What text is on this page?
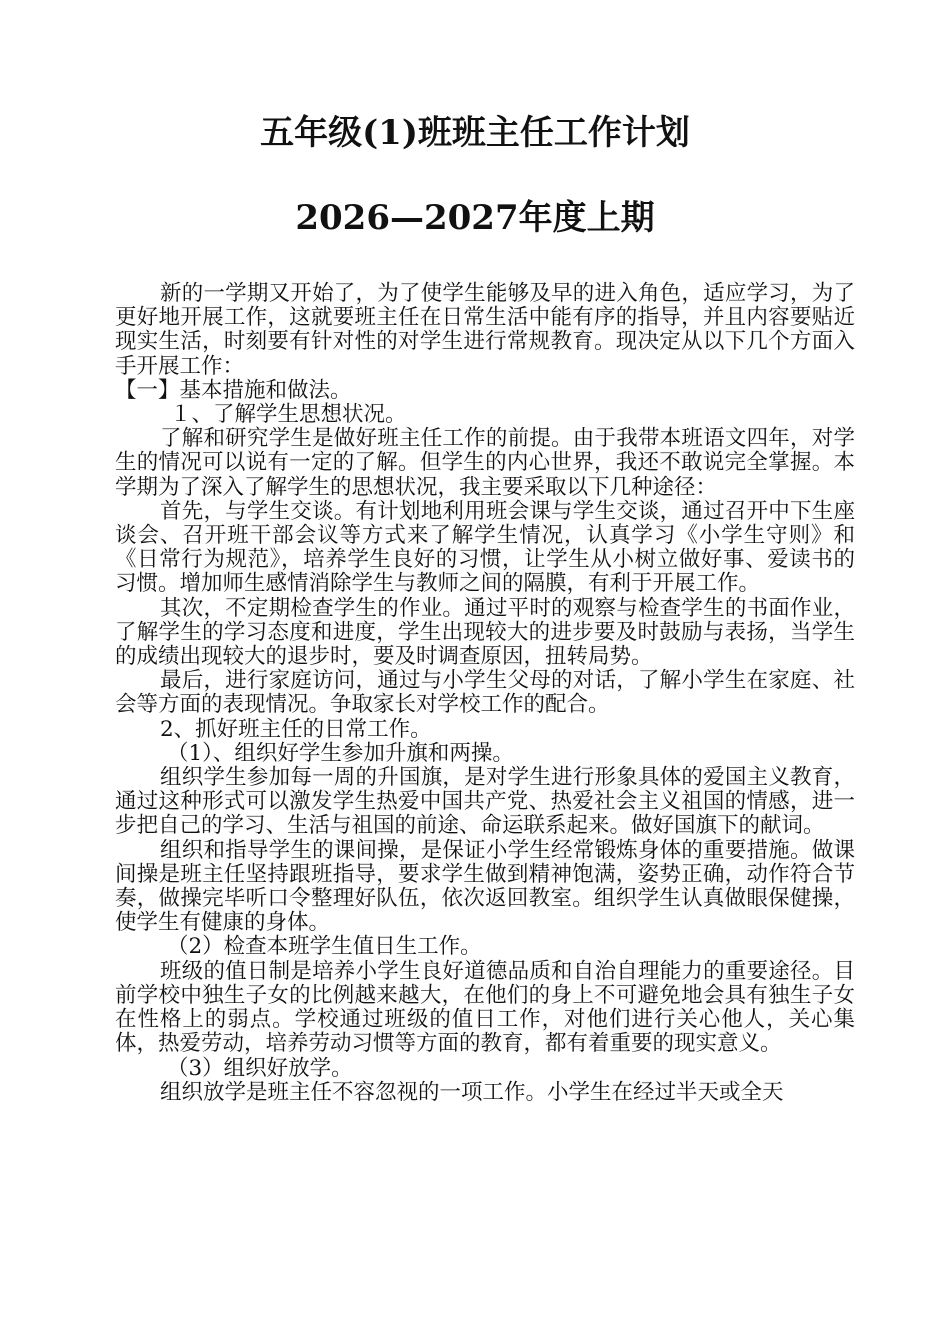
五年级(1)班班主任工作计划
2026—2027年度上期

新的一学期又开始了，为了使学生能够及早的进入角色，适应学习，为了更好地开展工作，这就要班主任在日常生活中能有序的指导，并且内容要贴近现实生活，时刻要有针对性的对学生进行常规教育。现决定从以下几个方面入手开展工作：

【一】基本措施和做法。

１、了解学生思想状况。

了解和研究学生是做好班主任工作的前提。由于我带本班语文四年，对学生的情况可以说有一定的了解。但学生的内心世界，我还不敢说完全掌握。本学期为了深入了解学生的思想状况，我主要采取以下几种途径：

首先，与学生交谈。有计划地利用班会课与学生交谈，通过召开中下生座谈会、召开班干部会议等方式来了解学生情况，认真学习《小学生守则》和《日常行为规范》，培养学生良好的习惯，让学生从小树立做好事、爱读书的习惯。增加师生感情消除学生与教师之间的隔膜，有利于开展工作。

其次，不定期检查学生的作业。通过平时的观察与检查学生的书面作业，了解学生的学习态度和进度，学生出现较大的进步要及时鼓励与表扬，当学生的成绩出现较大的退步时，要及时调查原因，扭转局势。

最后，进行家庭访问，通过与小学生父母的对话，了解小学生在家庭、社会等方面的表现情况。争取家长对学校工作的配合。

2、抓好班主任的日常工作。

（1）、组织好学生参加升旗和两操。

组织学生参加每一周的升国旗，是对学生进行形象具体的爱国主义教育，通过这种形式可以激发学生热爱中国共产党、热爱社会主义祖国的情感，进一步把自己的学习、生活与祖国的前途、命运联系起来。做好国旗下的献词。

组织和指导学生的课间操，是保证小学生经常锻炼身体的重要措施。做课间操是班主任坚持跟班指导，要求学生做到精神饱满，姿势正确，动作符合节奏，做操完毕听口令整理好队伍，依次返回教室。组织学生认真做眼保健操，使学生有健康的身体。

（2）检查本班学生值日生工作。

班级的值日制是培养小学生良好道德品质和自治自理能力的重要途径。目前学校中独生子女的比例越来越大，在他们的身上不可避免地会具有独生子女在性格上的弱点。学校通过班级的值日工作，对他们进行关心他人，关心集体，热爱劳动，培养劳动习惯等方面的教育，都有着重要的现实意义。

（3）组织好放学。

组织放学是班主任不容忽视的一项工作。小学生在经过半天或全天
